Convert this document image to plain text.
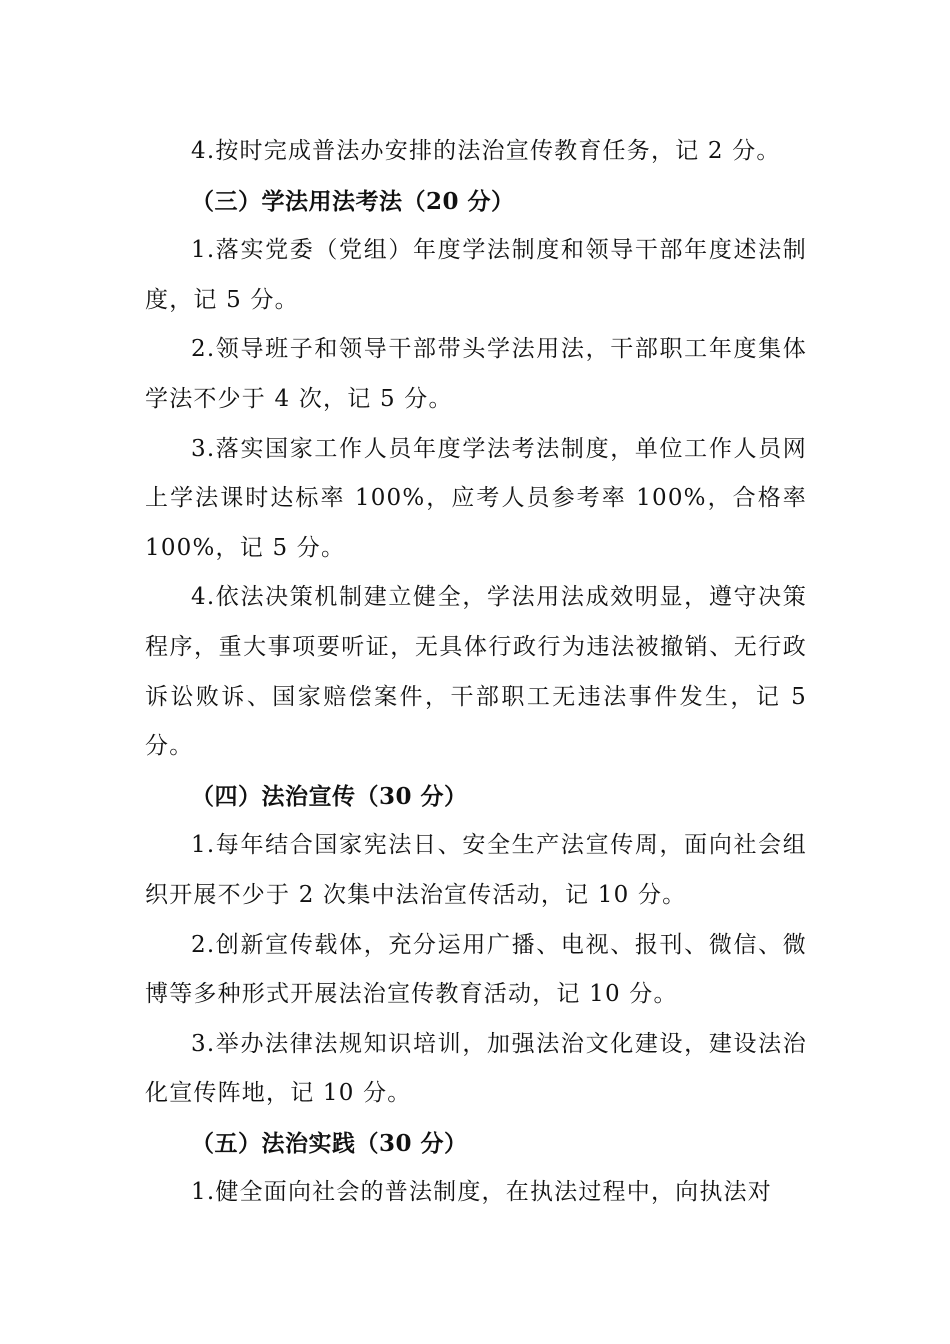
4.按时完成普法办安排的法治宣传教育任务，记 2 分。

（三）学法用法考法（20 分）

1.落实党委（党组）年度学法制度和领导干部年度述法制度，记 5 分。

2.领导班子和领导干部带头学法用法，干部职工年度集体学法不少于 4 次，记 5 分。

3.落实国家工作人员年度学法考法制度，单位工作人员网上学法课时达标率 100%，应考人员参考率 100%，合格率 100%，记 5 分。

4.依法决策机制建立健全，学法用法成效明显，遵守决策程序，重大事项要听证，无具体行政行为违法被撤销、无行政诉讼败诉、国家赔偿案件，干部职工无违法事件发生，记 5 分。

（四）法治宣传（30 分）

1.每年结合国家宪法日、安全生产法宣传周，面向社会组织开展不少于 2 次集中法治宣传活动，记 10 分。

2.创新宣传载体，充分运用广播、电视、报刊、微信、微博等多种形式开展法治宣传教育活动，记 10 分。

3.举办法律法规知识培训，加强法治文化建设，建设法治化宣传阵地，记 10 分。

（五）法治实践（30 分）

1.健全面向社会的普法制度，在执法过程中，向执法对
